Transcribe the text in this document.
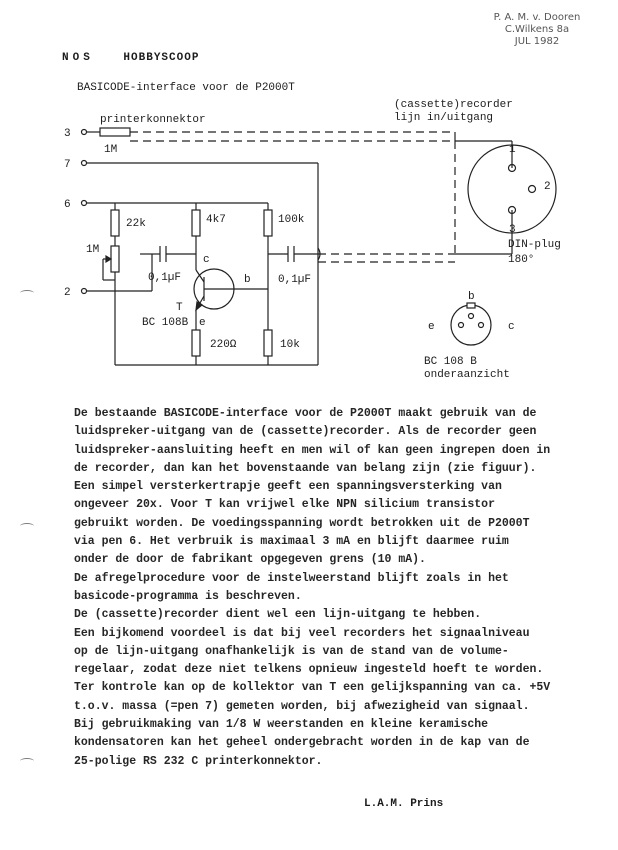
P. A. M. v. Dooren
C.Wilkens 8a
JUL 1982
NOS	HOBBYSCOOP
BASICODE-interface voor de P2000T
(cassette)recorder
lijn in/uitgang
printerkonnektor
3
7
6
2
1M
22k	4k7	100k
1M
0,1µF	0,1µF
c
b
e
T
BC 108B
220Ω	10k
1
2
3
DIN-plug
180°
b
e	c
BC 108 B
onderaanzicht

De bestaande BASICODE-interface voor de P2000T maakt gebruik van de

luidspreker-uitgang van de (cassette)recorder. Als de recorder geen

luidspreker-aansluiting heeft en men wil of kan geen ingrepen doen in

de recorder, dan kan het bovenstaande van belang zijn (zie figuur).

Een simpel versterkertrapje geeft een spanningsversterking van

ongeveer 20x. Voor T kan vrijwel elke NPN silicium transistor

gebruikt worden. De voedingsspanning wordt betrokken uit de P2000T

via pen 6. Het verbruik is maximaal 3 mA en blijft daarmee ruim

onder de door de fabrikant opgegeven grens (10 mA).

De afregelprocedure voor de instelweerstand blijft zoals in het

basicode-programma is beschreven.

De (cassette)recorder dient wel een lijn-uitgang te hebben.

Een bijkomend voordeel is dat bij veel recorders het signaalniveau

op de lijn-uitgang onafhankelijk is van de stand van de volume-

regelaar, zodat deze niet telkens opnieuw ingesteld hoeft te worden.

Ter kontrole kan op de kollektor van T een gelijkspanning van ca. +5V

t.o.v. massa (=pen 7) gemeten worden, bij afwezigheid van signaal.

Bij gebruikmaking van 1/8 W weerstanden en kleine keramische

kondensatoren kan het geheel ondergebracht worden in de kap van de

25-polige RS 232 C printerkonnektor.

L.A.M. Prins
